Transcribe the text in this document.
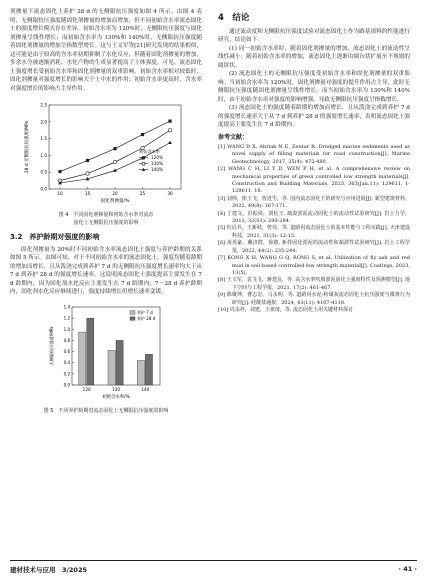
剂掺量下流态固化土养护 28 d 的无侧限抗压强度如图 4 所示。由图 4 表明，无侧限抗压强度随固化剂掺量的增加而增加，但不同初始含水率流态固化土的强度增长模式存在差异。初始含水率为 120%时，无侧限抗压强度与固化剂掺量呈线性增长；而初始含水率为 130%和 140%时，无侧限抗压强度随着固化剂掺量的增加呈指数型增长。这与王文军等[21]研究发现的结果相似，这可能是由于较高的含水率初期抑制了水化反应，但随着固化剂掺量的增加，多余水分被逐渐消耗，水化产物的生成显著提高了土体强度。可见，流态固化土强度增长受初始含水率和固化剂掺量的双重影响。初始含水率相对较低时，固化剂掺量对强度增长的影响大于土中水的作用；初始含水率更高时，含水率对强度增长的影响占主导作用。

0.0
0.5
1.0
1.5
2.0
2.5
10	15	20	25	30
固化剂掺量/%
28 d 无侧限抗压强度/MPa	初始含水率
120%
130%
140%
图 4　不同固化剂掺量和初始含水率对流态
固化土无侧限抗压强度的影响
3.2　养护龄期对强度的影响

固化剂掺量为 20%时不同初始含水率流态固化土强度与养护龄期的关系如图 5 所示。由图可知，对于不同初始含水率的流态固化土，强度均随着龄期的增加而增长，且从泼浇完成到养护 7 d 的无侧限抗压强度增长速率均大于从 7 d 到养护 28 d 的强度增长速率。这说明流态固化土强度提高主要发生在 7 d 龄期内，因为固化剂水化反应主要发生在 7 d 龄期内；7～28 d 养护龄期内，固化剂水化反应继续进行，强度持续增长但增长速率变缓。

0.0
0.2
0.4
0.6
0.8
1.0
1.2
1.4
120	130	140
初始含水率/%
无侧限抗压强度/MPa
养护 7 d
养护 28 d
图 5　不同养护龄期对流态固化土无侧限抗压强度的影响
4　结论

通过流动度和无侧限抗压强度试验对流态固化土作为路基填料的性能进行研究，结论如下：

(1) 同一初始含水率时，随着固化剂掺量的增加，流态固化土的流动性呈线性减小；随着初始含水率的增加，流态固化土逐渐由圆台状扩展至不规则的圆饼状。

(2) 流态固化土的无侧限抗压强度受初始含水率和固化剂掺量的双重影响。当初始含水率为 120%时，固化剂掺量对强度的提升作用占主导，此时无侧限抗压强度随固化剂掺量呈线性增长。而当初始含水率为 130%和 140%时，由于初始含水率对强度的影响增强，导致无侧限抗压强度呈指数增长。

(3) 流态固化土的强度随着龄期的增加而增长，且从泼浇完成到养护 7 d 的强度增长速率大于从 7 d 到养护 28 d 的强度增长速率，表明流态固化土强度提高主要发生在 7 d 龄期内。

参考文献：

[1] WANG D X, Abriak N E, Zentar R. Dredged marine sediments used as novel supply of filling materials for road construction[J]. Marine Geotechnology, 2017, 35(4): 472-480.

[2] WANG C H, LI Y D, WEN P H, et al. A comprehensive review on mechanical properties of green controlled low strength materials[J]. Construction and Building Materials, 2023, 363(Jan.11): 129611. 1-129611. 18.

[3] 刘帅，徐玉飞，詹进生，等. 国内流态固化土的研究与应用进展[J]. 新型建筑材料，2022, 49(8): 167-171.

[4] 丁建文，洪振舜，刘松玉. 疏浚淤泥流动固化土的流动性试验研究[J]. 岩土力学，2011, 32(S1): 280-284.

[5] 杜启兵，王新岐，曾伟，等. 道路用流态固化土的基本性能与工程实践[J]. 天津建设科技，2021, 31(3): 12-15.

[6] 黄英豪，戴济群，徐锴. 新拌固化淤泥的流动性和黏滞性试验研究[J]. 岩土工程学报，2022, 44(2): 235-244.

[7] KONG X H, WANG G Q, RONG S, et al. Utilization of fly ash and red mud in soil-based controlled low strength material[J]. Coatings, 2023, 13(5).

[8] 王文军，袁飞飞，蒋建良，等. 高含水率吹填淤泥固化土强度特性及预测模型[J]. 地下空间与工程学报，2021, 17(2): 461-467.

[9] 陈聚坤，曹志宏，马永明，等. 道路用水泥-粉煤灰流态固化土抗压强度与微观行为研究[J]. 硅酸盐通报，2024, 43(11): 4107-4118.

[10] 周永祥，刘建，王祖琦，等. 流态固化土用关键材料探讨

建材技术与应用　3/2025	· 41 ·
